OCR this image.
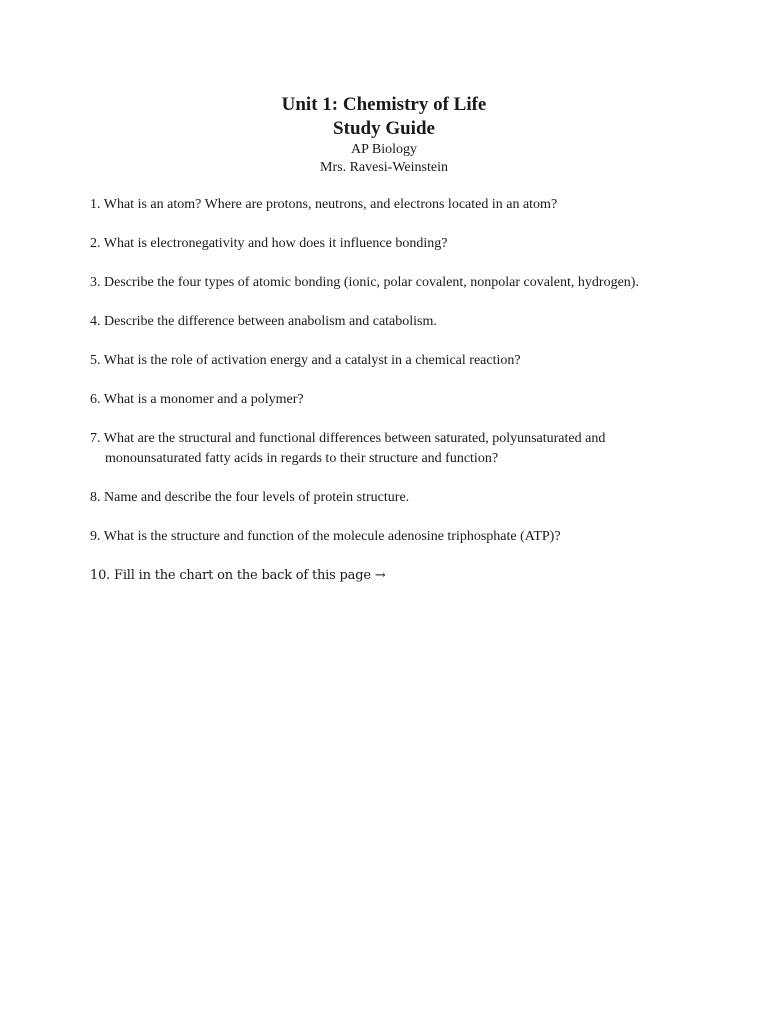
Unit 1: Chemistry of Life

Study Guide

AP Biology

Mrs. Ravesi-Weinstein

1. What is an atom? Where are protons, neutrons, and electrons located in an atom?
2. What is electronegativity and how does it influence bonding?
3. Describe the four types of atomic bonding (ionic, polar covalent, nonpolar covalent, hydrogen).
4. Describe the difference between anabolism and catabolism.
5. What is the role of activation energy and a catalyst in a chemical reaction?
6. What is a monomer and a polymer?
7. What are the structural and functional differences between saturated, polyunsaturated and monounsaturated fatty acids in regards to their structure and function?
8. Name and describe the four levels of protein structure.
9. What is the structure and function of the molecule adenosine triphosphate (ATP)?
10. Fill in the chart on the back of this page →
